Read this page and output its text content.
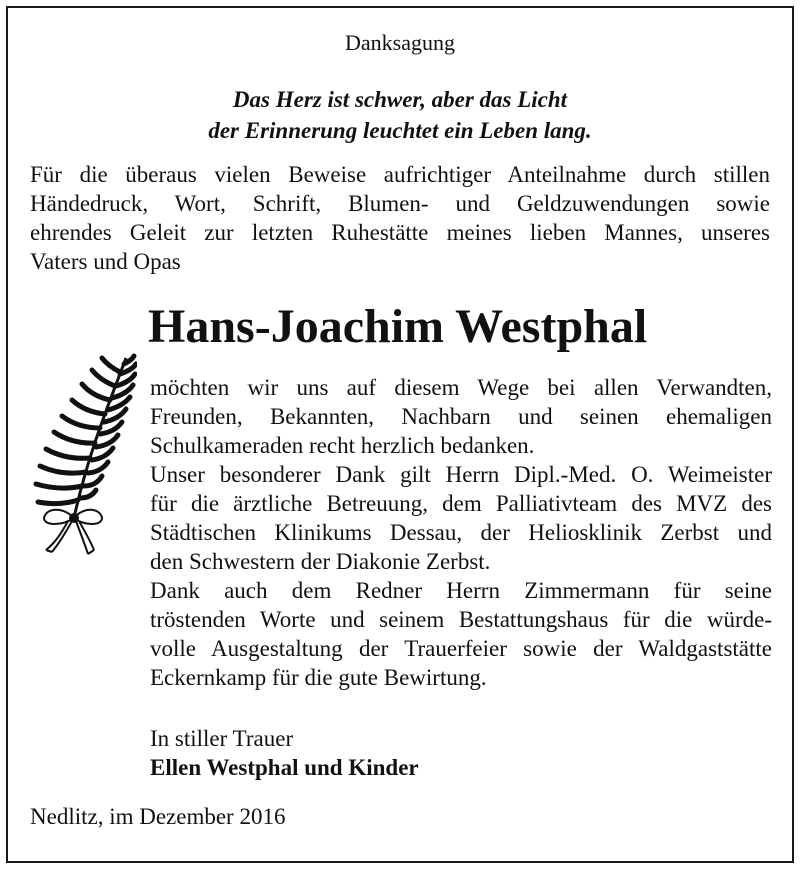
Danksagung
Das Herz ist schwer, aber das Licht
der Erinnerung leuchtet ein Leben lang.
Für die überaus vielen Beweise aufrichtiger Anteilnahme durch stillen
Händedruck, Wort, Schrift, Blumen- und Geldzuwendungen sowie
ehrendes Geleit zur letzten Ruhestätte meines lieben Mannes, unseres
Vaters und Opas
Hans-Joachim Westphal

möchten wir uns auf diesem Wege bei allen Verwandten,

Freunden, Bekannten, Nachbarn und seinen ehemaligen

Schulkameraden recht herzlich bedanken.

Unser besonderer Dank gilt Herrn Dipl.-Med. O. Weimeister

für die ärztliche Betreuung, dem Palliativteam des MVZ des

Städtischen Klinikums Dessau, der Heliosklinik Zerbst und

den Schwestern der Diakonie Zerbst.

Dank auch dem Redner Herrn Zimmermann für seine

tröstenden Worte und seinem Bestattungshaus für die würde-

volle Ausgestaltung der Trauerfeier sowie der Waldgaststätte

Eckernkamp für die gute Bewirtung.

In stiller Trauer
Ellen Westphal und Kinder
Nedlitz, im Dezember 2016
